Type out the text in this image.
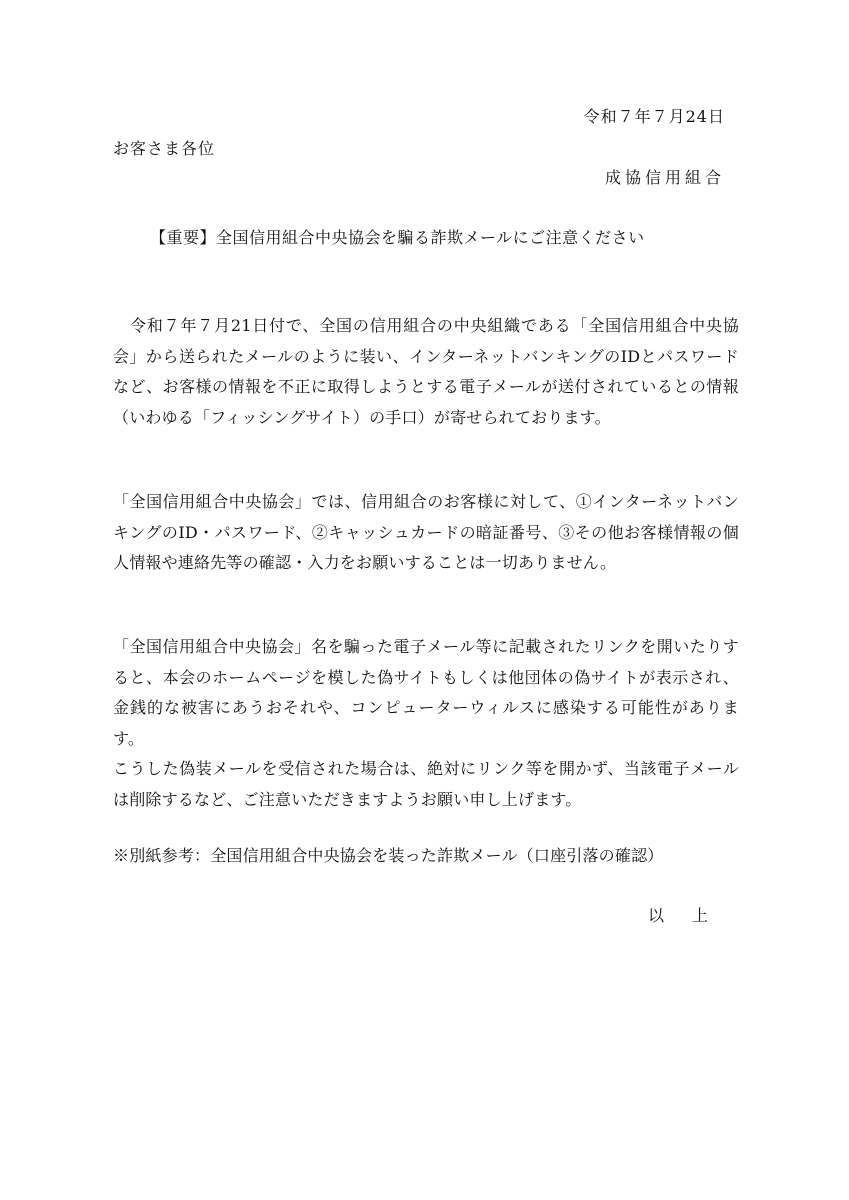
令和７年７月24日
お客さま各位
成協信用組合
【重要】全国信用組合中央協会を騙る詐欺メールにご注意ください
令和７年７月21日付で、全国の信用組合の中央組織である「全国信用組合中央協会」から送られたメールのように装い、インターネットバンキングのIDとパスワードなど、お客様の情報を不正に取得しようとする電子メールが送付されているとの情報（いわゆる「フィッシングサイト）の手口）が寄せられております。
「全国信用組合中央協会」では、信用組合のお客様に対して、①インターネットバンキングのID・パスワード、②キャッシュカードの暗証番号、③その他お客様情報の個人情報や連絡先等の確認・入力をお願いすることは一切ありません。
「全国信用組合中央協会」名を騙った電子メール等に記載されたリンクを開いたりすると、本会のホームページを模した偽サイトもしくは他団体の偽サイトが表示され、金銭的な被害にあうおそれや、コンピューターウィルスに感染する可能性があります。
こうした偽装メールを受信された場合は、絶対にリンク等を開かず、当該電子メールは削除するなど、ご注意いただきますようお願い申し上げます。
※別紙参考：全国信用組合中央協会を装った詐欺メール（口座引落の確認）
以上
